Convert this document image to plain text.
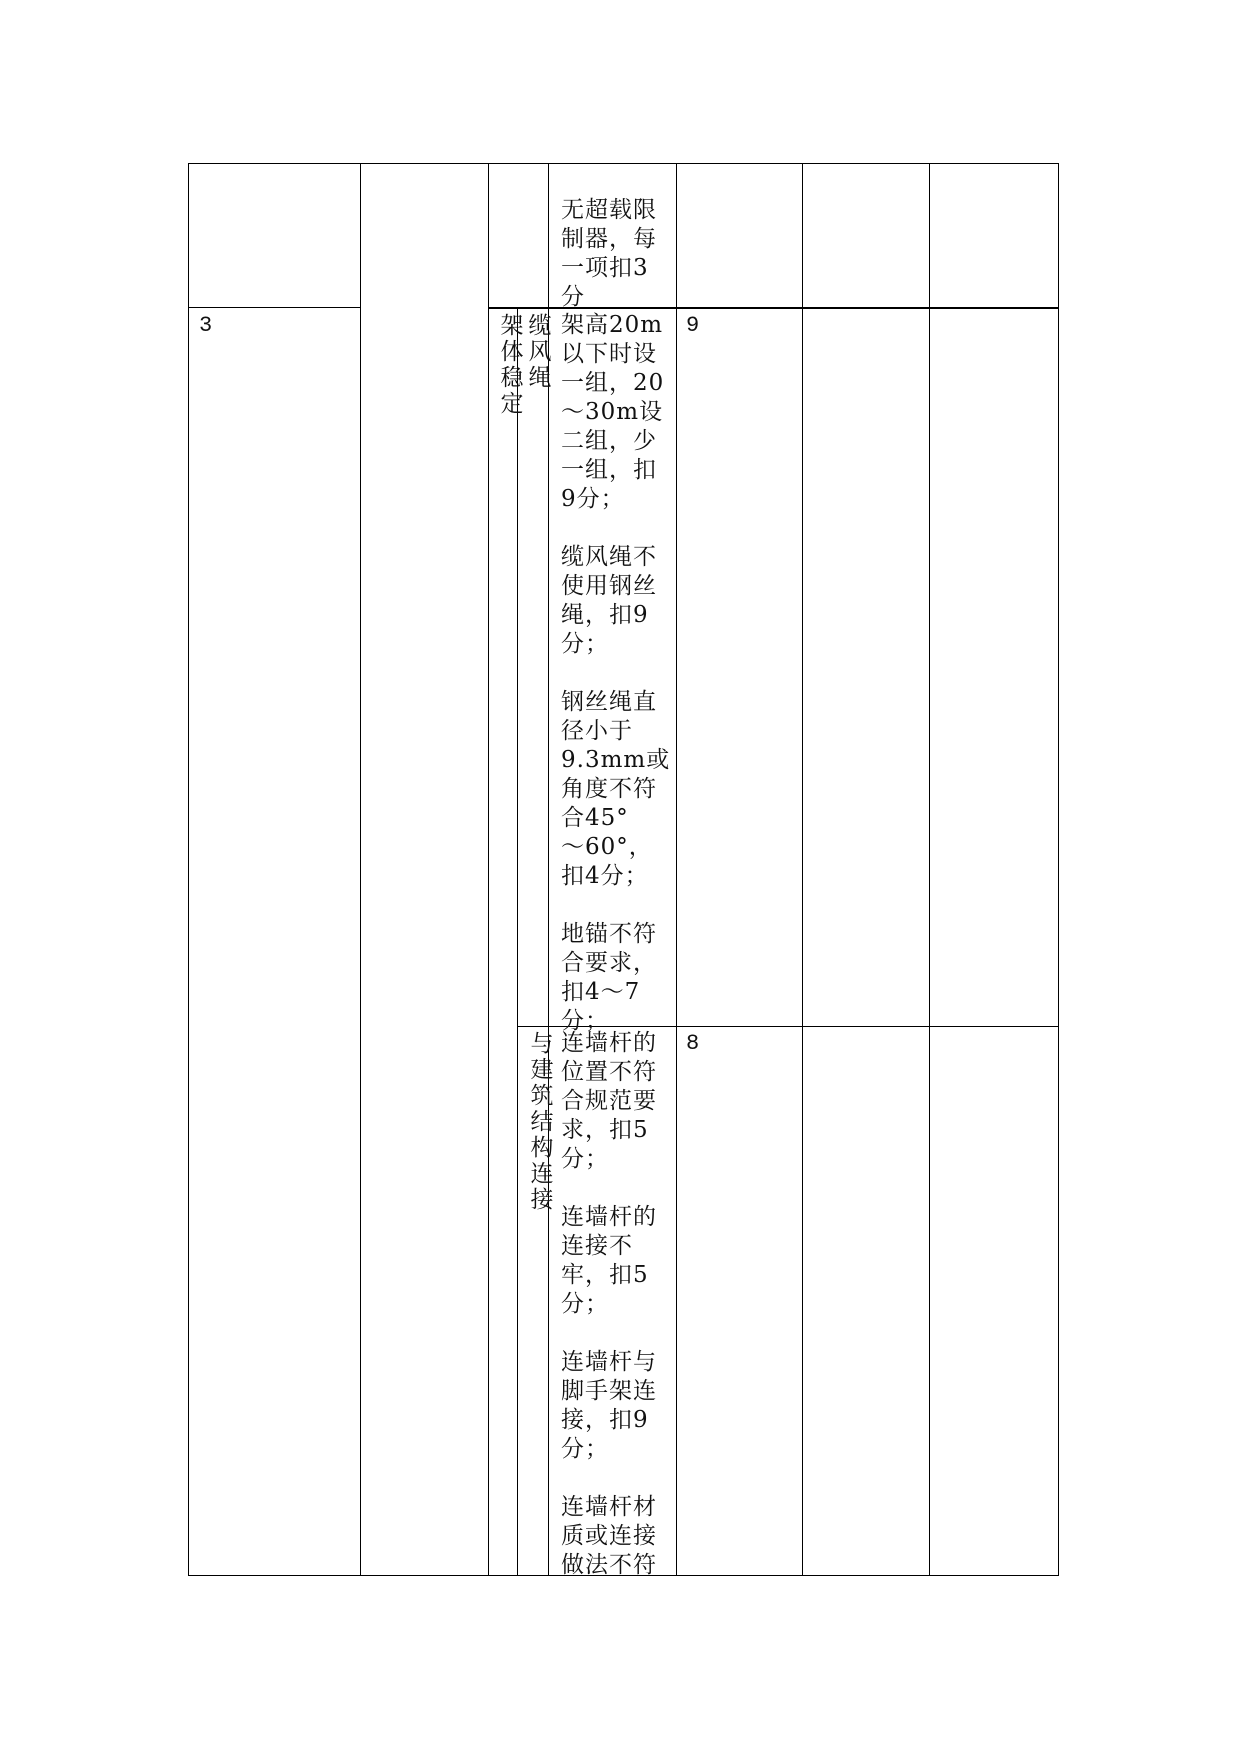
无超载限
制器，每
一项扣3
分
3	架体稳定
缆风绳
架高20m
以下时设
一组，20
～30m设
二组，少
一组，扣
9分；

缆风绳不
使用钢丝
绳，扣9
分；

钢丝绳直
径小于
9.3mm或
角度不符
合45°
～60°，
扣4分；

地锚不符
合要求，
扣4～7
分；
9
与建筑结构连接
连墙杆的
位置不符
合规范要
求，扣5
分；

连墙杆的
连接不
牢，扣5
分；

连墙杆与
脚手架连
接，扣9
分；

连墙杆材
质或连接
做法不符
8
